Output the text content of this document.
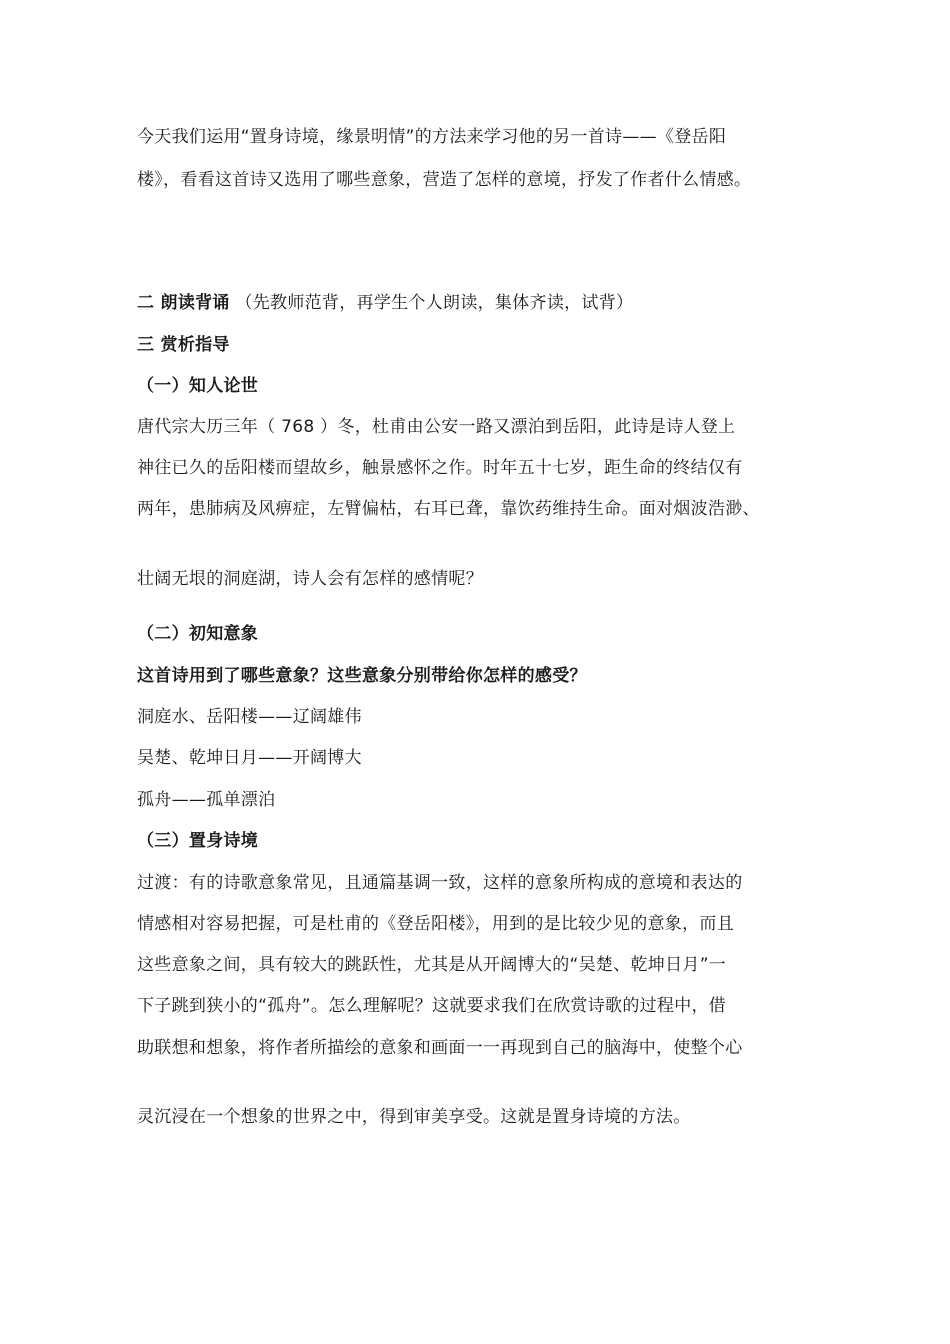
今天我们运用“置身诗境，缘景明情”的方法来学习他的另一首诗——《登岳阳
楼》，看看这首诗又选用了哪些意象，营造了怎样的意境，抒发了作者什么情感。
二 朗读背诵 （先教师范背，再学生个人朗读，集体齐读，试背）
三 赏析指导
（一）知人论世
唐代宗大历三年（ 768 ）冬，杜甫由公安一路又漂泊到岳阳，此诗是诗人登上
神往已久的岳阳楼而望故乡，触景感怀之作。时年五十七岁，距生命的终结仅有
两年，患肺病及风痹症，左臂偏枯，右耳已聋，靠饮药维持生命。面对烟波浩渺、
壮阔无垠的洞庭湖，诗人会有怎样的感情呢？
（二）初知意象
这首诗用到了哪些意象？这些意象分别带给你怎样的感受？
洞庭水、岳阳楼——辽阔雄伟
吴楚、乾坤日月——开阔博大
孤舟——孤单漂泊
（三）置身诗境
过渡：有的诗歌意象常见，且通篇基调一致，这样的意象所构成的意境和表达的
情感相对容易把握，可是杜甫的《登岳阳楼》，用到的是比较少见的意象，而且
这些意象之间，具有较大的跳跃性，尤其是从开阔博大的“吴楚、乾坤日月”一
下子跳到狭小的“孤舟”。怎么理解呢？这就要求我们在欣赏诗歌的过程中，借
助联想和想象，将作者所描绘的意象和画面一一再现到自己的脑海中，使整个心
灵沉浸在一个想象的世界之中，得到审美享受。这就是置身诗境的方法。
